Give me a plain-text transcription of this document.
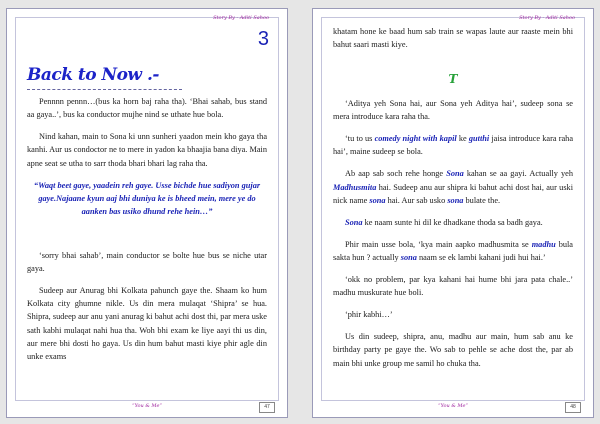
Story By - Aditi Sahoo
3
Back to Now .-

Pennnn pennn…(bus ka horn baj raha tha). ‘Bhai sahab, bus stand aa gaya..’, bus ka conductor mujhe nind se uthate hue bola.

Nind kahan, main to Sona ki unn sunheri yaadon mein kho gaya tha kanhi. Aur us condoctor ne to mere in yadon ka bhaajia bana diya. Main apne seat se utha to sarr thoda bhari bhari lag raha tha.

“Waqt beet gaye, yaadein reh gaye. Usse bichde hue sadiyon gujar gaye.Najaane kyun aaj bhi duniya ke is bheed mein, mere ye do aanken bas usiko dhund rehe hein…”

‘sorry bhai sahab’, main conductor se bolte hue bus se niche utar gaya.

Sudeep aur Anurag bhi Kolkata pahunch gaye the. Shaam ko hum Kolkata city ghumne nikle. Us din mera mulaqat ‘Shipra’ se hua. Shipra, sudeep aur anu yani anurag ki bahut achi dost thi, par mera uske sath kabhi mulaqat nahi hua tha. Woh bhi exam ke liye aayi thi us din, aur mere bhi dosti ho gaya. Us din hum bahut masti kiye phir agle din unke exams

“You & Me”	47
Story By - Aditi Sahoo

khatam hone ke baad hum sab train se wapas laute aur raaste mein bhi bahut saari masti kiye.

T

‘Aditya yeh Sona hai, aur Sona yeh Aditya hai’, sudeep sona se mera introduce kara raha tha.

‘tu to us comedy night with kapil ke gutthi jaisa introduce kara raha hai’, maine sudeep se bola.

Ab aap sab soch rehe honge Sona kahan se aa gayi. Actually yeh Madhusmita hai. Sudeep anu aur shipra ki bahut achi dost hai, aur uski nick name sona hai. Aur sab usko sona bulate the.

Sona ke naam sunte hi dil ke dhadkane thoda sa badh gaya.

Phir main usse bola, ‘kya main aapko madhusmita se madhu bula sakta hun ? actually sona naam se ek lambi kahani judi hui hai.’

‘okk no problem, par kya kahani hai hume bhi jara pata chale..’ madhu muskurate hue boli.

‘phir kabhi…’

Us din sudeep, shipra, anu, madhu aur main, hum sab anu ke birthday party pe gaye the. Wo sab to pehle se ache dost the, par ab main bhi unke group me samil ho chuka tha.

“You & Me”	48
